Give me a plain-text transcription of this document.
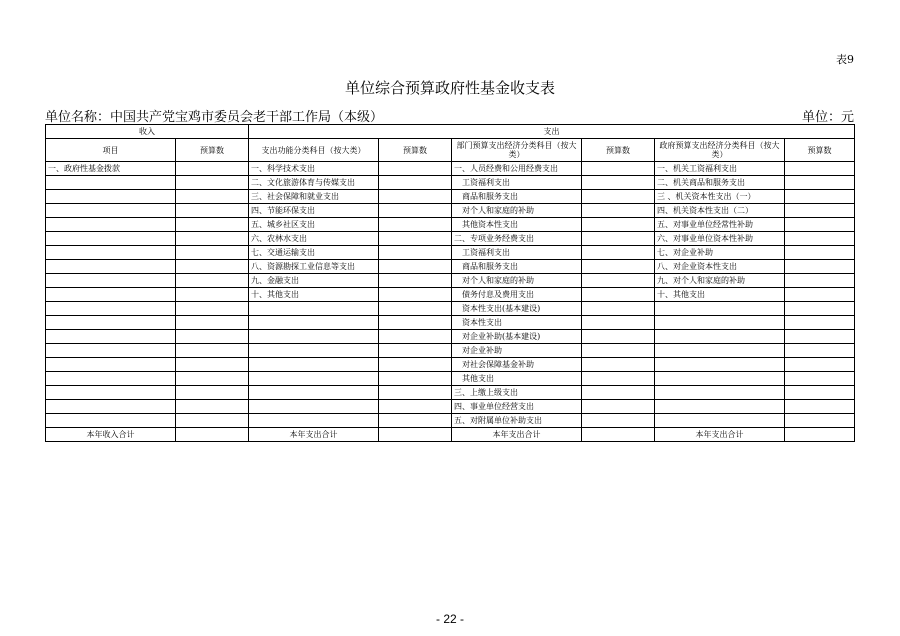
表9
单位综合预算政府性基金收支表
单位名称：中国共产党宝鸡市委员会老干部工作局（本级）	单位：元
收入		支出					
项目	预算数	支出功能分类科目（按大类）	预算数	部门预算支出经济分类科目（按大类）	预算数	政府预算支出经济分类科目（按大类）	预算数
一、政府性基金拨款		一、科学技术支出		一、人员经费和公用经费支出		一、机关工资福利支出	
		二、文化旅游体育与传媒支出		工资福利支出		二、机关商品和服务支出	
		三、社会保障和就业支出		商品和服务支出		三 、机关资本性支出（一）	
		四、节能环保支出		对个人和家庭的补助		四、机关资本性支出（二）	
		五、城乡社区支出		其他资本性支出		五、对事业单位经常性补助	
		六、农林水支出		二、专项业务经费支出		六、对事业单位资本性补助	
		七、交通运输支出		工资福利支出		七、对企业补助	
		八、资源勘探工业信息等支出		商品和服务支出		八、对企业资本性支出	
		九、金融支出		对个人和家庭的补助		九、对个人和家庭的补助	
		十、其他支出		债务付息及费用支出		十、其他支出	
				资本性支出(基本建设)			
				资本性支出			
				对企业补助(基本建设)			
				对企业补助			
				对社会保障基金补助			
				其他支出			
				三、上缴上级支出			
				四、事业单位经营支出			
				五、对附属单位补助支出			
本年收入合计		本年支出合计		本年支出合计		本年支出合计	
- 22 -
